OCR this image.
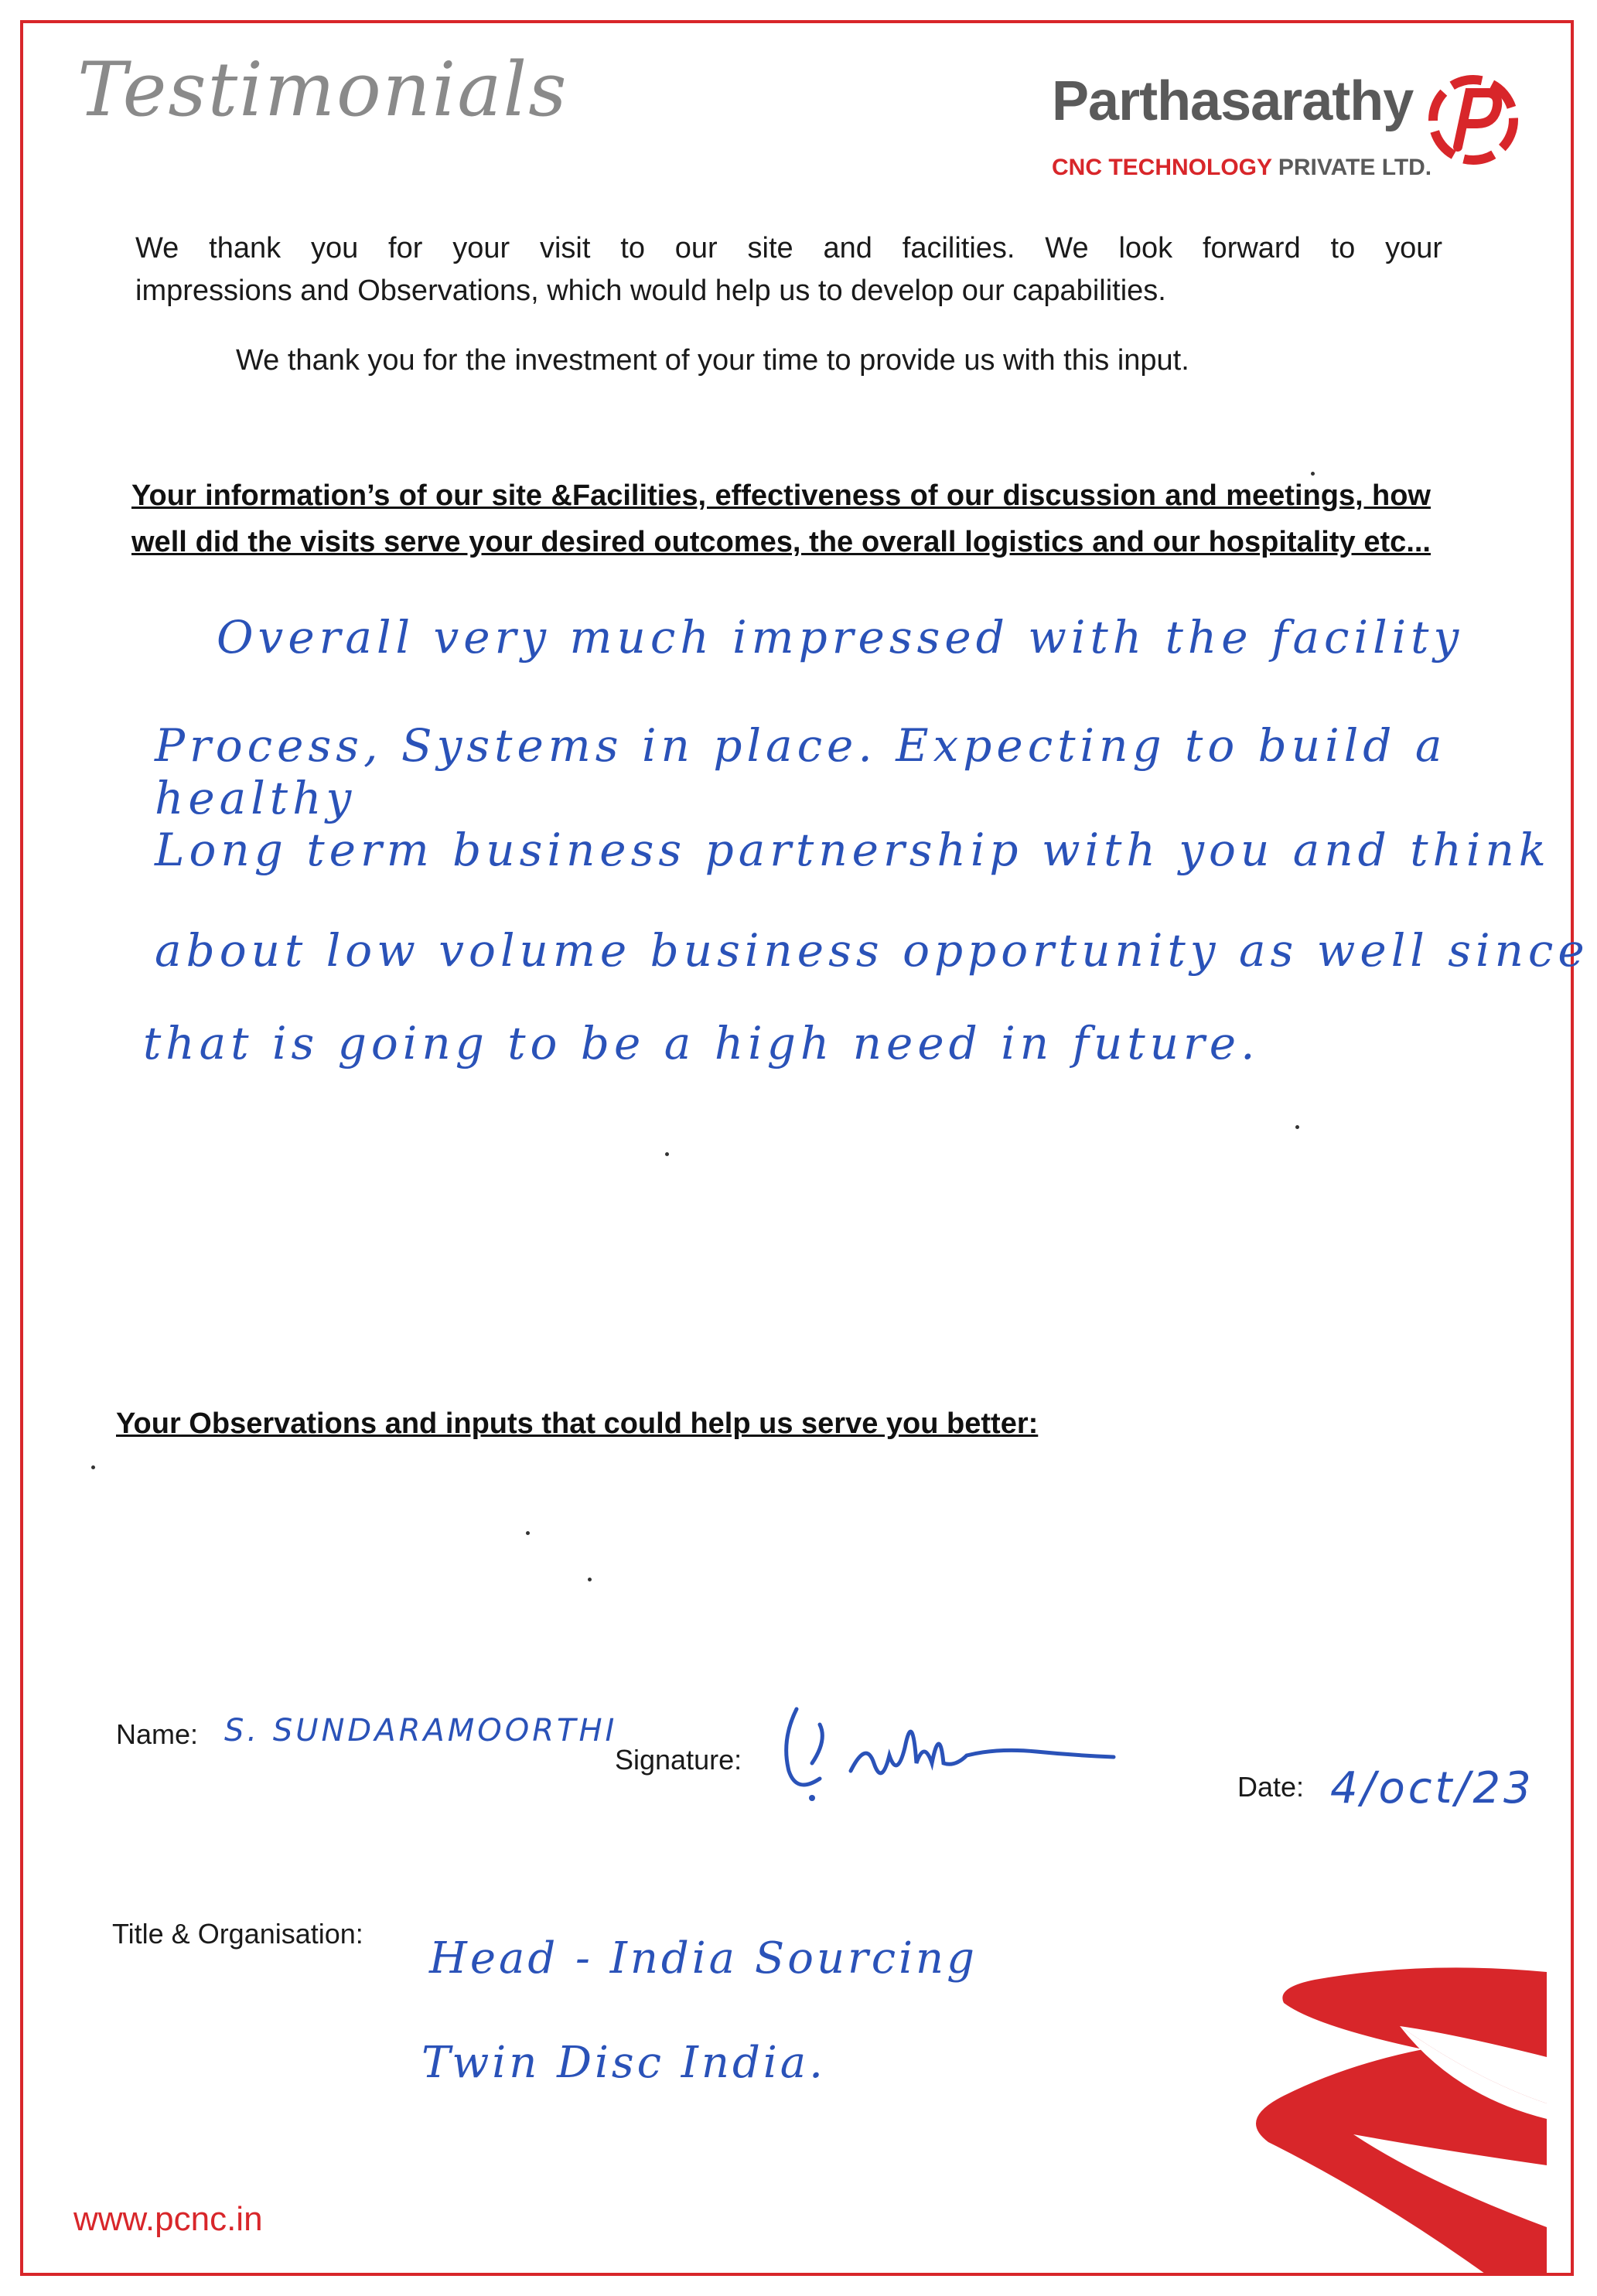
Testimonials	Parthasarathy
CNC TECHNOLOGY PRIVATE LTD.
We thank you for your visit to our site and facilities. We look forward to your
impressions and Observations, which would help us to develop our capabilities.
We thank you for the investment of your time to provide us with this input.
Your information’s of our site &Facilities, effectiveness of our discussion and meetings, how
well did the visits serve your desired outcomes, the overall logistics and our hospitality etc...
Overall very much impressed with the facility
Process, Systems in place. Expecting to build a healthy
Long term business partnership with you and think
about low volume business opportunity as well since
that is going to be a high need in future.
Your Observations and inputs that could help us serve you better:
Name: S. SUNDARAMOORTHI
Signature:
Date: 4/oct/23
Title & Organisation: Head - India Sourcing
Twin Disc India.
www.pcnc.in
